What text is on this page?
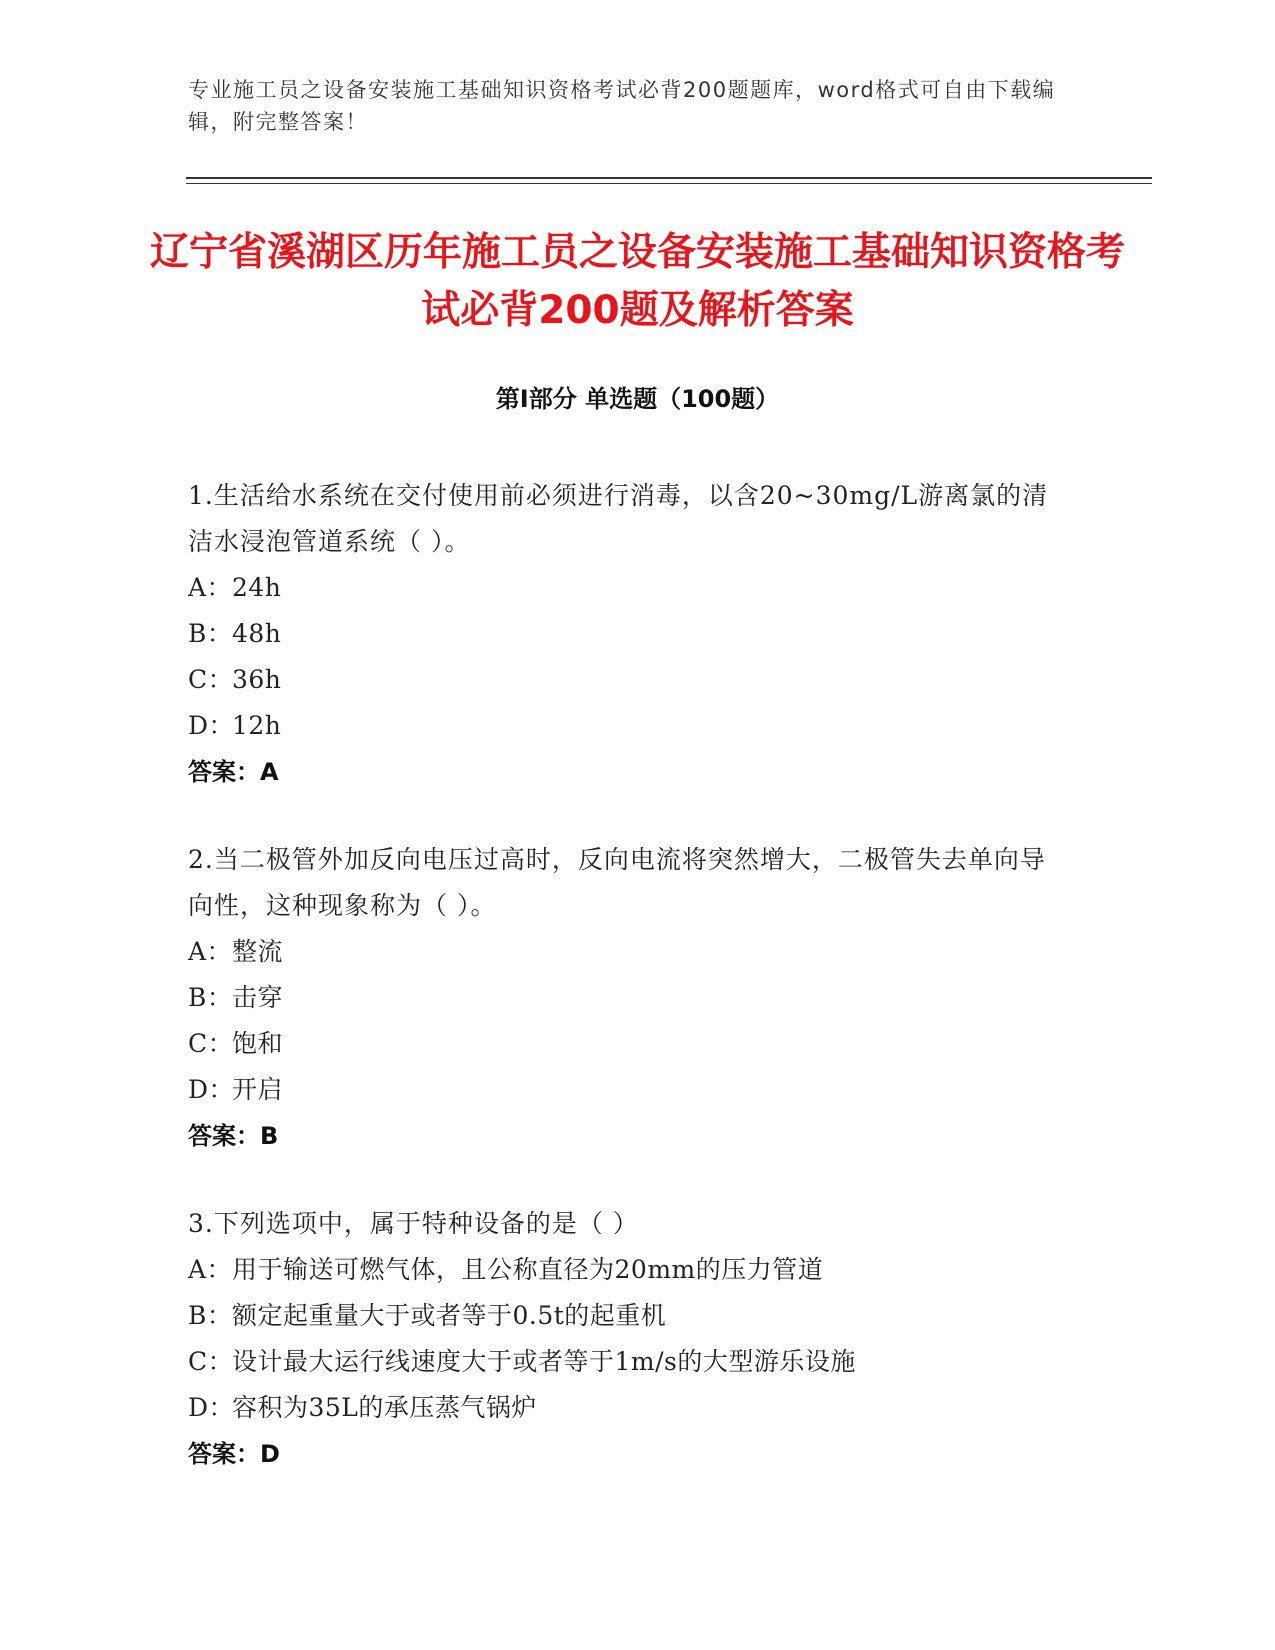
专业施工员之设备安装施工基础知识资格考试必背200题题库，word格式可自由下载编辑，附完整答案！
辽宁省溪湖区历年施工员之设备安装施工基础知识资格考试必背200题及解析答案
第Ⅰ部分 单选题（100题）

1.生活给水系统在交付使用前必须进行消毒，以含20~30mg/L游离氯的清洁水浸泡管道系统（ ）。

A：24h

B：48h

C：36h

D：12h

答案：A

2.当二极管外加反向电压过高时，反向电流将突然增大，二极管失去单向导向性，这种现象称为（ ）。

A：整流

B：击穿

C：饱和

D：开启

答案：B

3.下列选项中，属于特种设备的是（ ）

A：用于输送可燃气体，且公称直径为20mm的压力管道

B：额定起重量大于或者等于0.5t的起重机

C：设计最大运行线速度大于或者等于1m/s的大型游乐设施

D：容积为35L的承压蒸气锅炉

答案：D
